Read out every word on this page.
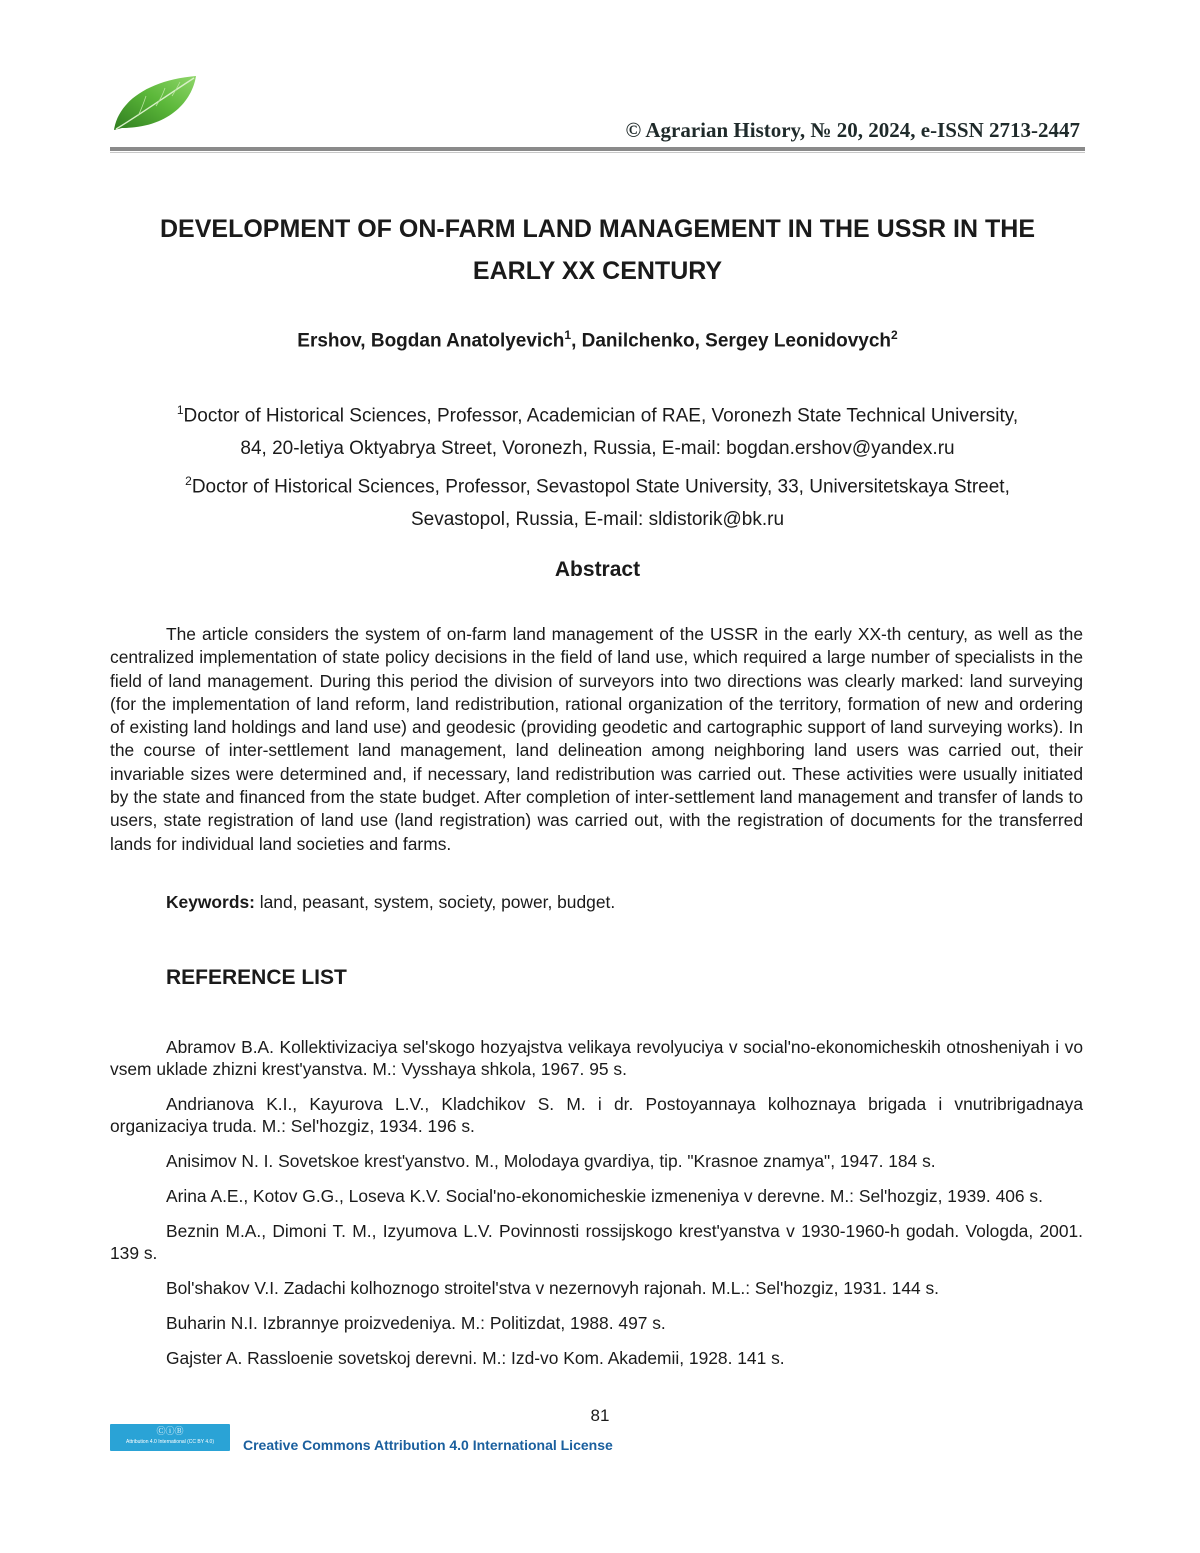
© Agrarian History, № 20, 2024, e-ISSN 2713-2447
DEVELOPMENT OF ON-FARM LAND MANAGEMENT IN THE USSR IN THE
EARLY XX CENTURY
Ershov, Bogdan Anatolyevich$^1$, Danilchenko, Sergey Leonidovych$^2$
$^1$Doctor of Historical Sciences, Professor, Academician of RAE, Voronezh State Technical University,
84, 20-letiya Oktyabrya Street, Voronezh, Russia, E-mail: bogdan.ershov@yandex.ru
$^2$Doctor of Historical Sciences, Professor, Sevastopol State University, 33, Universitetskaya Street,
Sevastopol, Russia, E-mail: sldistorik@bk.ru
Abstract

The article considers the system of on-farm land management of the USSR in the early XX-th century, as well as the centralized implementation of state policy decisions in the field of land use, which required a large number of specialists in the field of land management. During this period the division of surveyors into two directions was clearly marked: land surveying (for the implementation of land reform, land redistribution, rational organization of the territory, formation of new and ordering of existing land holdings and land use) and geodesic (providing geodetic and cartographic support of land surveying works). In the course of inter-settlement land management, land delineation among neighboring land users was carried out, their invariable sizes were determined and, if necessary, land redistribution was carried out. These activities were usually initiated by the state and financed from the state budget. After completion of inter-settlement land management and transfer of lands to users, state registration of land use (land registration) was carried out, with the registration of documents for the transferred lands for individual land societies and farms.

Keywords: land, peasant, system, society, power, budget.
REFERENCE LIST
Abramov B.A. Kollektivizaciya sel'skogo hozyajstva velikaya revolyuciya v social'no-ekonomicheskih otnosheniyah i vo vsem uklade zhizni krest'yanstva. M.: Vysshaya shkola, 1967. 95 s.
Andrianova K.I., Kayurova L.V., Kladchikov S. M. i dr. Postoyannaya kolhoznaya brigada i vnutribrigadnaya organizaciya truda. M.: Sel'hozgiz, 1934. 196 s.
Anisimov N. I. Sovetskoe krest'yanstvo. M., Molodaya gvardiya, tip. "Krasnoe znamya", 1947. 184 s.
Arina A.E., Kotov G.G., Loseva K.V. Social'no-ekonomicheskie izmeneniya v derevne. M.: Sel'hozgiz, 1939. 406 s.
Beznin M.A., Dimoni T. M., Izyumova L.V. Povinnosti rossijskogo krest'yanstva v 1930-1960-h godah. Vologda, 2001. 139 s.
Bol'shakov V.I. Zadachi kolhoznogo stroitel'stva v nezernovyh rajonah. M.L.: Sel'hozgiz, 1931. 144 s.
Buharin N.I. Izbrannye proizvedeniya. M.: Politizdat, 1988. 497 s.
Gajster A. Rassloenie sovetskoj derevni. M.: Izd-vo Kom. Akademii, 1928. 141 s.
81
ⒸⓘⒷ
Attribution 4.0 International (CC BY 4.0)	Creative Commons Attribution 4.0 International License
